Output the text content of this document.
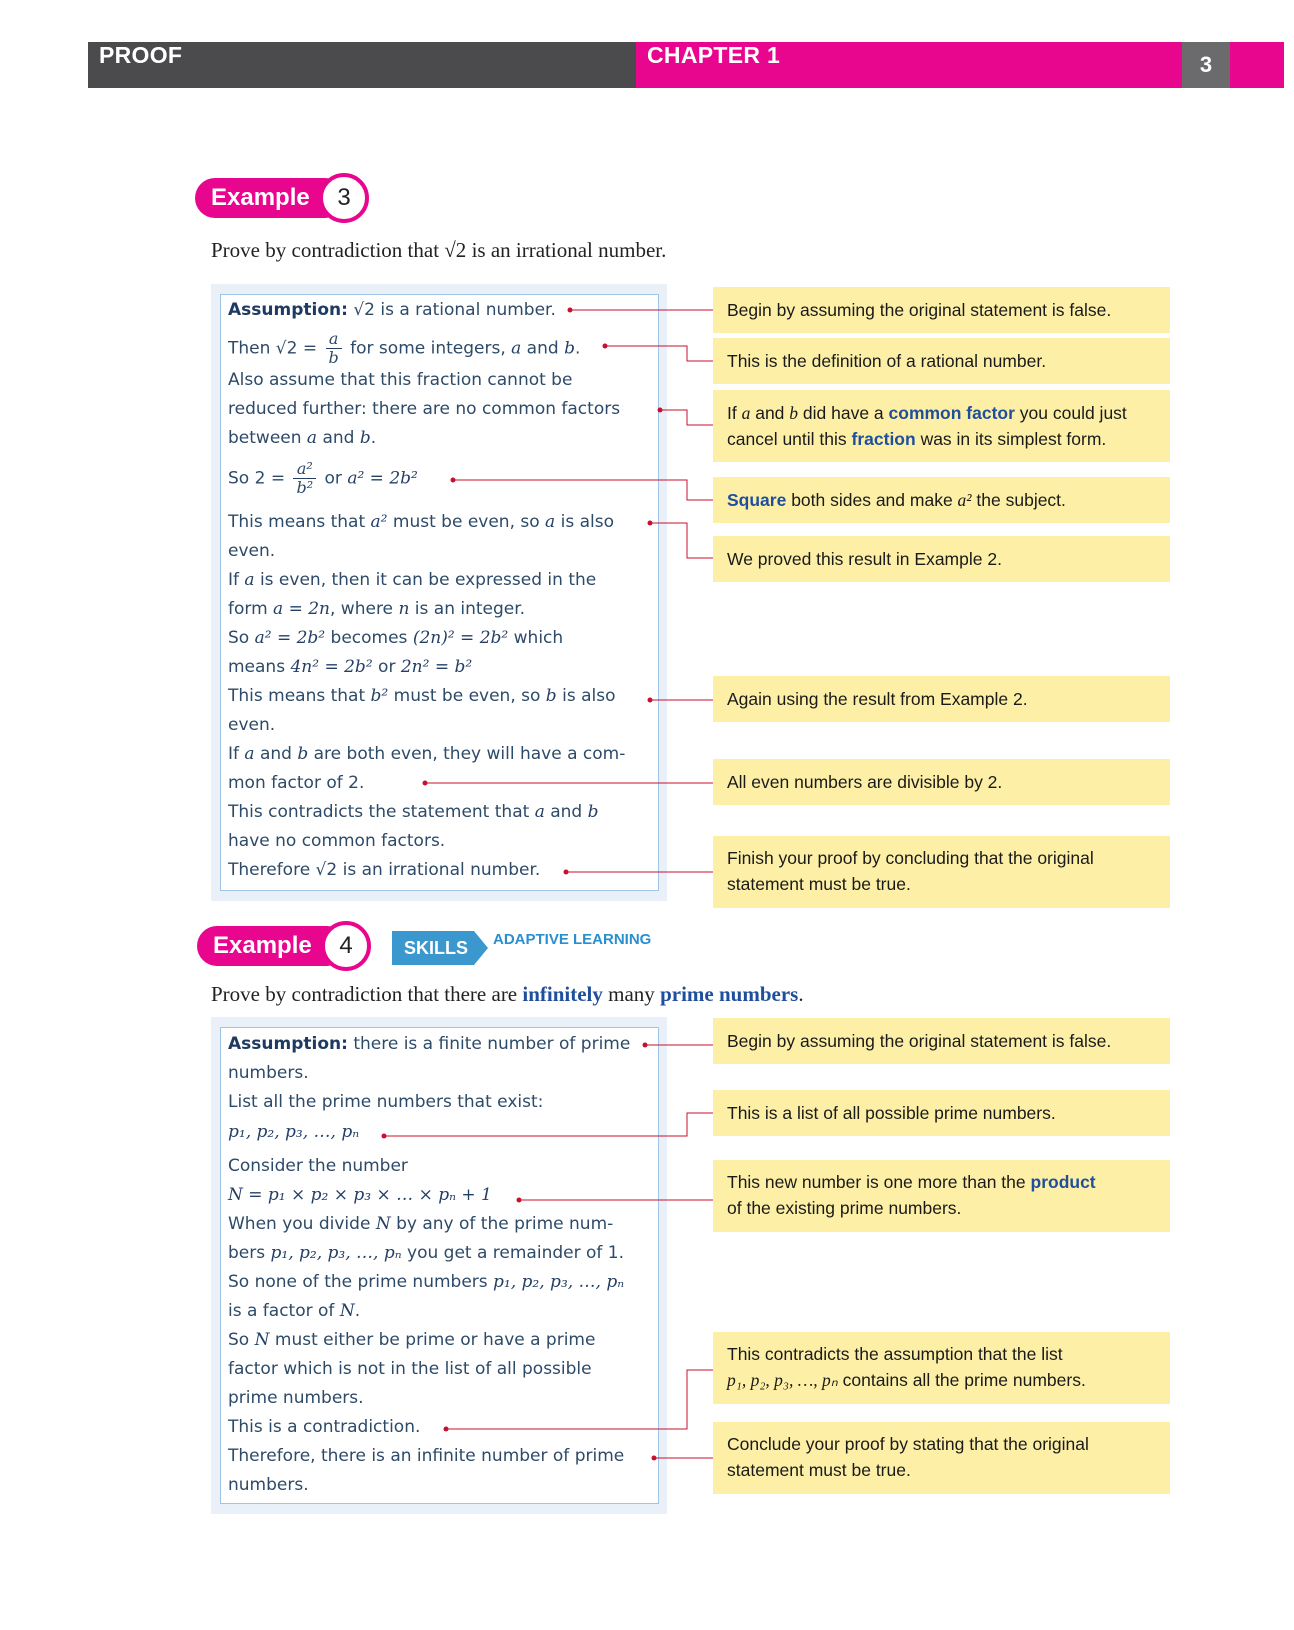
PROOF	CHAPTER 1	3
Example	3
Prove by contradiction that √2 is an irrational number.
Assumption: √2 is a rational number.
Then $√2 = \frac{a}{b}$ for some integers, a and b.
Also assume that this fraction cannot be
reduced further: there are no common factors
between a and b.
So $2 = \frac{\text{a²}}{\text{b²}}$ or a² = 2b²
This means that a² must be even, so a is also
even.
If a is even, then it can be expressed in the
form a = 2n, where n is an integer.
So a² = 2b² becomes (2n)² = 2b² which
means 4n² = 2b² or 2n² = b²
This means that b² must be even, so b is also
even.
If a and b are both even, they will have a com-
mon factor of 2.
This contradicts the statement that a and b
have no common factors.
Therefore √2 is an irrational number.
Begin by assuming the original statement is false.
This is the definition of a rational number.
If a and b did have a common factor you could just
cancel until this fraction was in its simplest form.
Square both sides and make a² the subject.
We proved this result in Example 2.
Again using the result from Example 2.
All even numbers are divisible by 2.
Finish your proof by concluding that the original
statement must be true.
Example	4	SKILLS	ADAPTIVE LEARNING
Prove by contradiction that there are infinitely many prime numbers.
Assumption: there is a finite number of prime
numbers.
List all the prime numbers that exist:
p₁, p₂, p₃, …, pₙ
Consider the number
N = p₁ × p₂ × p₃ × … × pₙ + 1
When you divide N by any of the prime num-
bers p₁, p₂, p₃, …, pₙ you get a remainder of 1.
So none of the prime numbers p₁, p₂, p₃, …, pₙ
is a factor of N.
So N must either be prime or have a prime
factor which is not in the list of all possible
prime numbers.
This is a contradiction.
Therefore, there is an infinite number of prime
numbers.
Begin by assuming the original statement is false.
This is a list of all possible prime numbers.
This new number is one more than the product
of the existing prime numbers.
This contradicts the assumption that the list
p₁, p₂, p₃, …, pₙ contains all the prime numbers.
Conclude your proof by stating that the original
statement must be true.
